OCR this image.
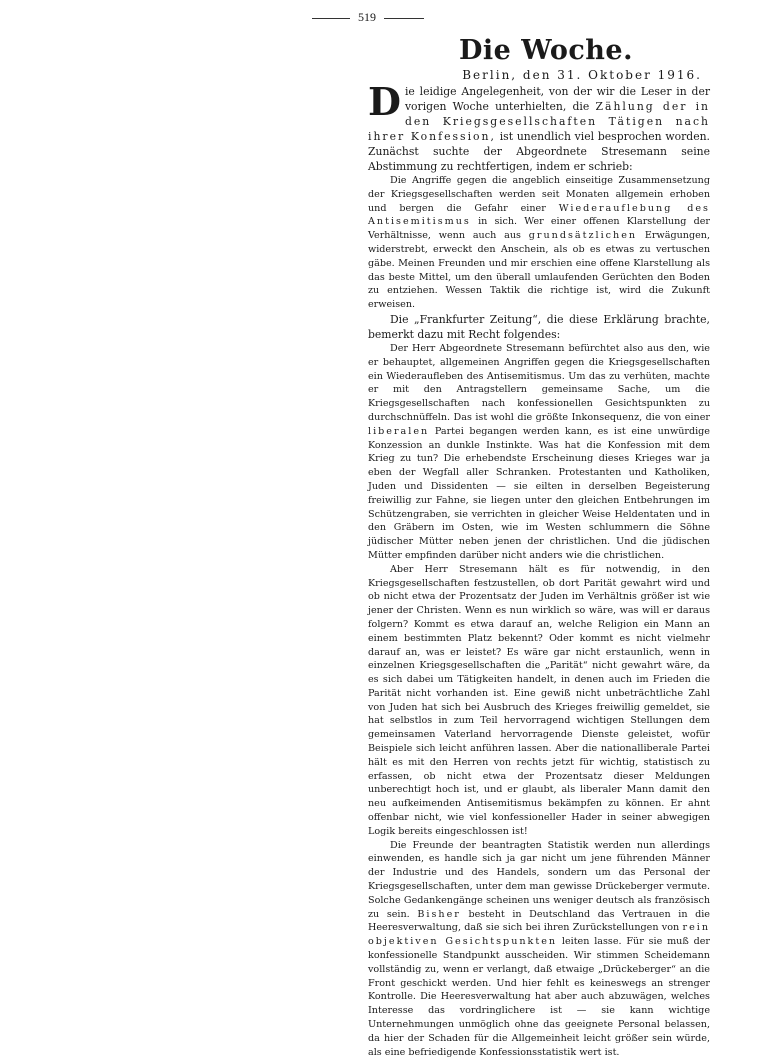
519
Die Woche.
Berlin, den 31. Oktober 1916.

D ie leidige Angelegenheit, von der wir die Leser in der vorigen Woche unterhielten, die Zählung der in den Kriegsgesellschaften Tätigen nach ihrer Konfession, ist unendlich viel besprochen worden. Zunächst suchte der Abgeordnete Stresemann seine Abstimmung zu rechtfertigen, indem er schrieb:

Die Angriffe gegen die angeblich einseitige Zusammensetzung der Kriegsgesellschaften werden seit Monaten allgemein erhoben und bergen die Gefahr einer Wiederauflebung des Antisemitismus in sich. Wer einer offenen Klarstellung der Verhältnisse, wenn auch aus grundsätzlichen Erwägungen, widerstrebt, erweckt den Anschein, als ob es etwas zu vertuschen gäbe. Meinen Freunden und mir erschien eine offene Klarstellung als das beste Mittel, um den überall umlaufenden Gerüchten den Boden zu entziehen. Wessen Taktik die richtige ist, wird die Zukunft erweisen.

Die „Frankfurter Zeitung“, die diese Erklärung brachte, bemerkt dazu mit Recht folgendes:

Der Herr Abgeordnete Stresemann befürchtet also aus den, wie er behauptet, allgemeinen Angriffen gegen die Kriegsgesellschaften ein Wiederaufleben des Antisemitismus. Um das zu verhüten, machte er mit den Antragstellern gemeinsame Sache, um die Kriegsgesellschaften nach konfessionellen Gesichtspunkten zu durchschnüffeln. Das ist wohl die größte Inkonsequenz, die von einer liberalen Partei begangen werden kann, es ist eine unwürdige Konzession an dunkle Instinkte. Was hat die Konfession mit dem Krieg zu tun? Die erhebendste Erscheinung dieses Krieges war ja eben der Wegfall aller Schranken. Protestanten und Katholiken, Juden und Dissidenten — sie eilten in derselben Begeisterung freiwillig zur Fahne, sie liegen unter den gleichen Entbehrungen im Schützengraben, sie verrichten in gleicher Weise Heldentaten und in den Gräbern im Osten, wie im Westen schlummern die Söhne jüdischer Mütter neben jenen der christlichen. Und die jüdischen Mütter empfinden darüber nicht anders wie die christlichen.

Aber Herr Stresemann hält es für notwendig, in den Kriegsgesellschaften festzustellen, ob dort Parität gewahrt wird und ob nicht etwa der Prozentsatz der Juden im Verhältnis größer ist wie jener der Christen. Wenn es nun wirklich so wäre, was will er daraus folgern? Kommt es etwa darauf an, welche Religion ein Mann an einem bestimmten Platz bekennt? Oder kommt es nicht vielmehr darauf an, was er leistet? Es wäre gar nicht erstaunlich, wenn in einzelnen Kriegsgesellschaften die „Parität“ nicht gewahrt wäre, da es sich dabei um Tätigkeiten handelt, in denen auch im Frieden die Parität nicht vorhanden ist. Eine gewiß nicht unbeträchtliche Zahl von Juden hat sich bei Ausbruch des Krieges freiwillig gemeldet, sie hat selbstlos in zum Teil hervorragend wichtigen Stellungen dem gemeinsamen Vaterland hervorragende Dienste geleistet, wofür Beispiele sich leicht anführen lassen. Aber die nationalliberale Partei hält es mit den Herren von rechts jetzt für wichtig, statistisch zu erfassen, ob nicht etwa der Prozentsatz dieser Meldungen unberechtigt hoch ist, und er glaubt, als liberaler Mann damit den neu aufkeimenden Antisemitismus bekämpfen zu können. Er ahnt offenbar nicht, wie viel konfessioneller Hader in seiner abwegigen Logik bereits eingeschlossen ist!

Die Freunde der beantragten Statistik werden nun allerdings einwenden, es handle sich ja gar nicht um jene führenden Männer der Industrie und des Handels, sondern um das Personal der Kriegsgesellschaften, unter dem man gewisse Drückeberger vermute. Solche Gedankengänge scheinen uns weniger deutsch als französisch zu sein. Bisher besteht in Deutschland das Vertrauen in die Heeresverwaltung, daß sie sich bei ihren Zurückstellungen von rein objektiven Gesichtspunkten leiten lasse. Für sie muß der konfessionelle Standpunkt ausscheiden. Wir stimmen Scheidemann vollständig zu, wenn er verlangt, daß etwaige „Drückeberger“ an die Front geschickt werden. Und hier fehlt es keineswegs an strenger Kontrolle. Die Heeresverwaltung hat aber auch abzuwägen, welches Interesse das vordringlichere ist — sie kann wichtige Unternehmungen unmöglich ohne das geeignete Personal belassen, da hier der Schaden für die Allgemeinheit leicht größer sein würde, als eine befriedigende Konfessionsstatistik wert ist.
